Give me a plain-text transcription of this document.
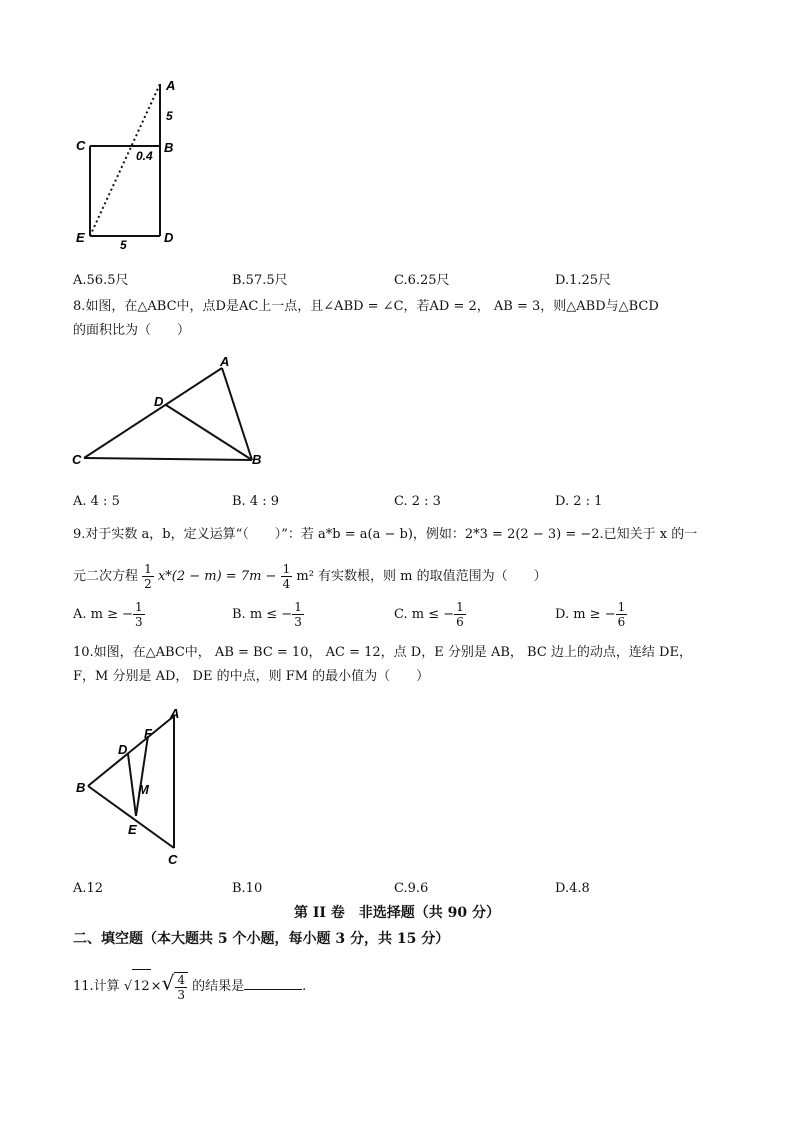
A
5
C
0.4
B
E	D
5
A.56.5尺	B.57.5尺	C.6.25尺	D.1.25尺
8.如图，在△ABC中，点D是AC上一点，且∠ABD = ∠C，若AD = 2， AB = 3，则△ABD与△BCD
的面积比为（　　）
A
D
C	B
A. 4 : 5	B. 4 : 9	C. 2 : 3	D. 2 : 1
9.对于实数 a，b，定义运算“（　　）”：若 a*b = a(a − b)，例如：2*3 = 2(2 − 3) = −2.已知关于 x 的一
元二次方程 $\frac{1}{2} x*(2 - m) = 7m - \frac{1}{4} m^2$ 有实数根，则 m 的取值范围为（　　）
A. m ≥ − $\frac{1}{3}$	B. m ≤ − $\frac{1}{3}$	C. m ≤ − $\frac{1}{6}$	D. m ≥ − $\frac{1}{6}$
10.如图，在△ABC中， AB = BC = 10， AC = 12，点 D，E 分别是 AB， BC 边上的动点，连结 DE，
F，M 分别是 AD， DE 的中点，则 FM 的最小值为（　　）
A
F
D
M
B
E
C
A.12	B.10	C.9.6	D.4.8
第 II 卷　非选择题（共 90 分）
二、填空题（本大题共 5 个小题，每小题 3 分，共 15 分）
11.计算 $√12\times√ \frac{4}{3}$ 的结果是	.
